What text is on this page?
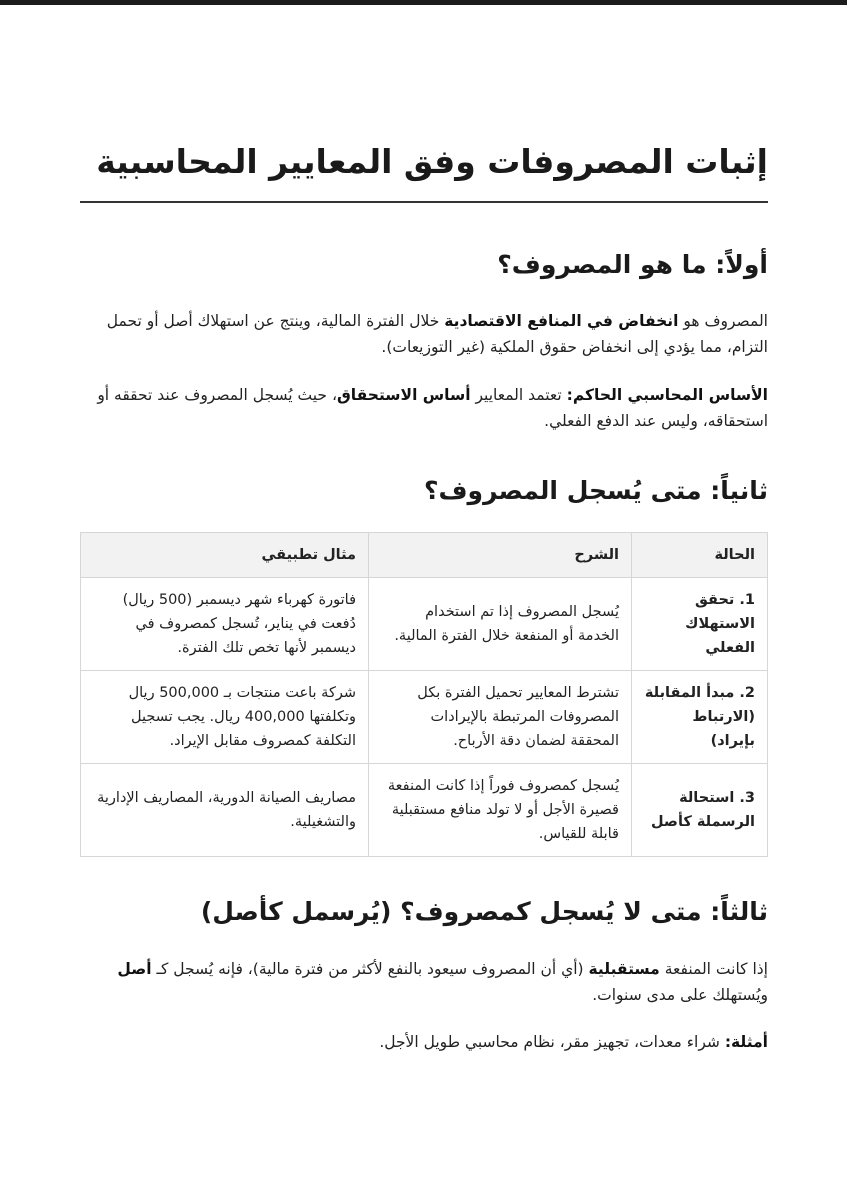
إثبات المصروفات وفق المعايير المحاسبية
أولاً: ما هو المصروف؟

المصروف هو انخفاض في المنافع الاقتصادية خلال الفترة المالية، وينتج عن استهلاك أصل أو تحمل التزام، مما يؤدي إلى انخفاض حقوق الملكية (غير التوزيعات).

الأساس المحاسبي الحاكم: تعتمد المعايير أساس الاستحقاق، حيث يُسجل المصروف عند تحققه أو استحقاقه، وليس عند الدفع الفعلي.

ثانياً: متى يُسجل المصروف؟
الحالة	الشرح	مثال تطبيقي
1. تحقق الاستهلاك الفعلي	يُسجل المصروف إذا تم استخدام الخدمة أو المنفعة خلال الفترة المالية.	فاتورة كهرباء شهر ديسمبر (500 ريال) دُفعت في يناير، تُسجل كمصروف في ديسمبر لأنها تخص تلك الفترة.
2. مبدأ المقابلة (الارتباط بإيراد)	تشترط المعايير تحميل الفترة بكل المصروفات المرتبطة بالإيرادات المحققة لضمان دقة الأرباح.	شركة باعت منتجات بـ 500,000 ريال وتكلفتها 400,000 ريال. يجب تسجيل التكلفة كمصروف مقابل الإيراد.
3. استحالة الرسملة كأصل	يُسجل كمصروف فوراً إذا كانت المنفعة قصيرة الأجل أو لا تولد منافع مستقبلية قابلة للقياس.	مصاريف الصيانة الدورية، المصاريف الإدارية والتشغيلية.
ثالثاً: متى لا يُسجل كمصروف؟ (يُرسمل كأصل)

إذا كانت المنفعة مستقبلية (أي أن المصروف سيعود بالنفع لأكثر من فترة مالية)، فإنه يُسجل كـ أصل ويُستهلك على مدى سنوات.

أمثلة: شراء معدات، تجهيز مقر، نظام محاسبي طويل الأجل.
